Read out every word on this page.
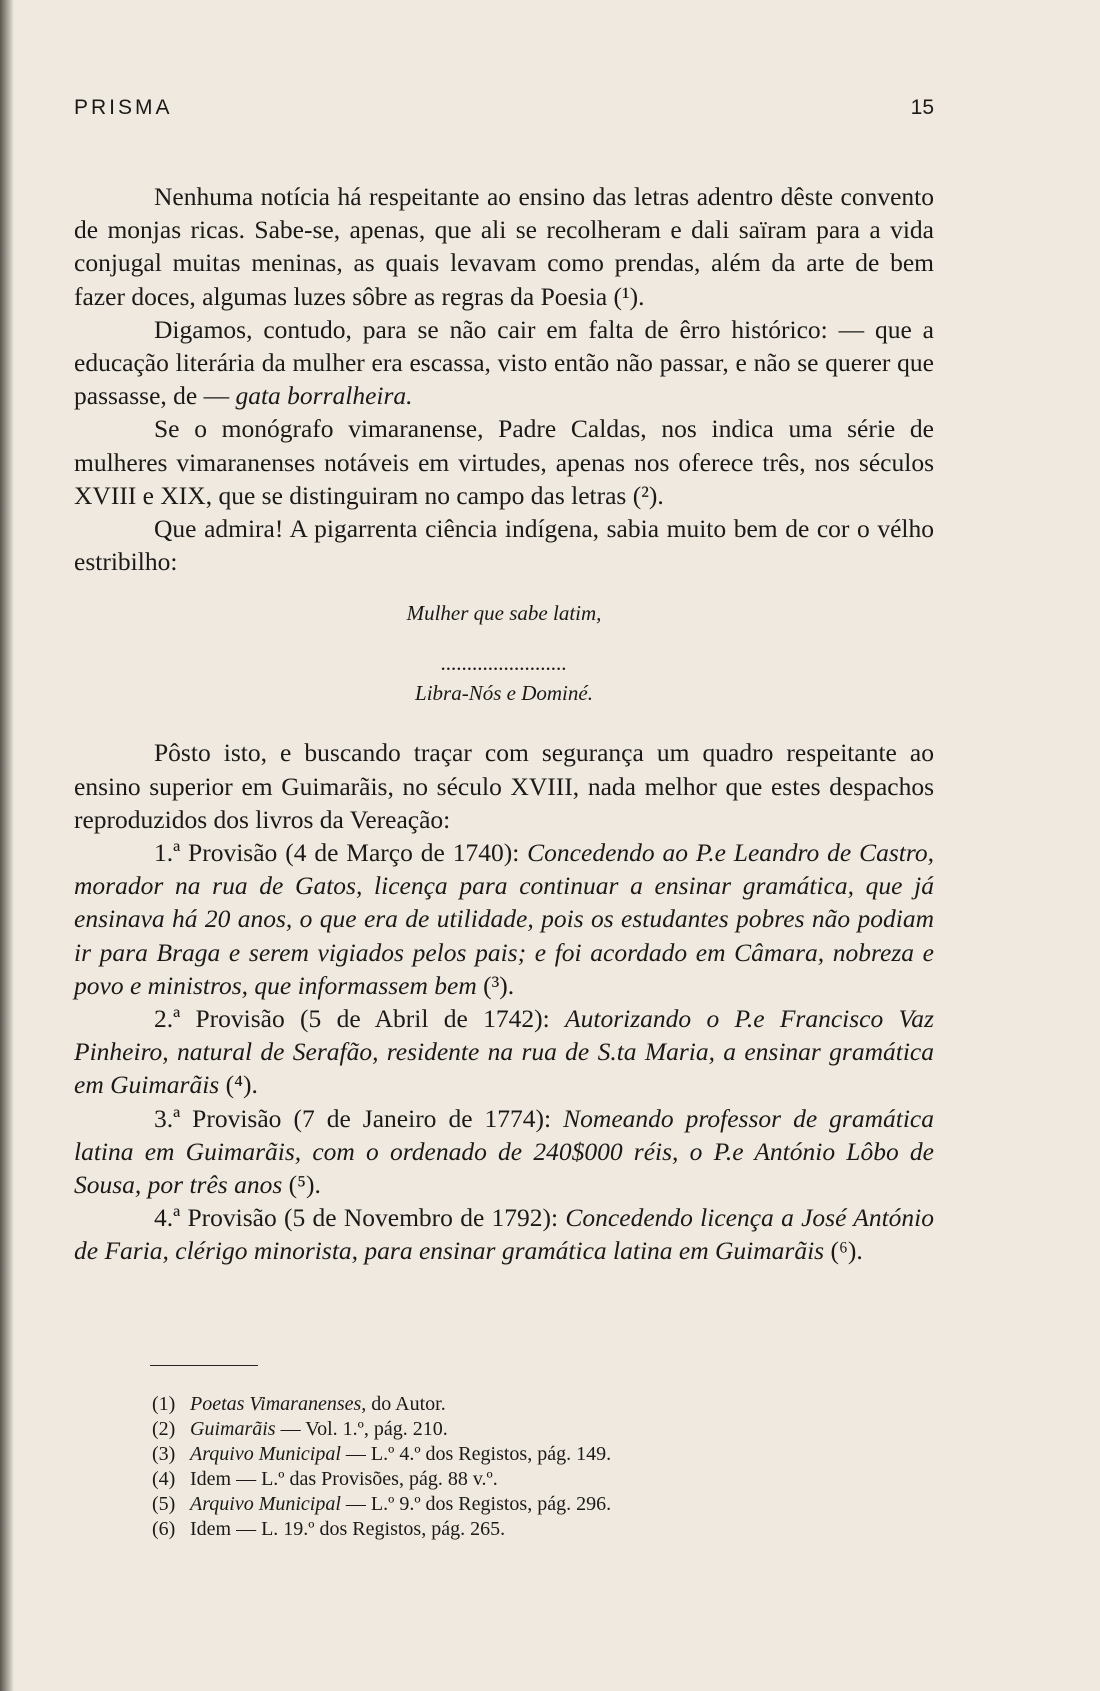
PRISMA	15

Nenhuma notícia há respeitante ao ensino das letras adentro dêste convento de monjas ricas. Sabe-se, apenas, que ali se recolheram e dali saïram para a vida conjugal muitas meninas, as quais levavam como prendas, além da arte de bem fazer doces, algumas luzes sôbre as regras da Poesia (¹).

Digamos, contudo, para se não cair em falta de êrro histórico: — que a educação literária da mulher era escassa, visto então não passar, e não se querer que passasse, de — gata borralheira.

Se o monógrafo vimaranense, Padre Caldas, nos indica uma série de mulheres vimaranenses notáveis em virtudes, apenas nos oferece três, nos séculos XVIII e XIX, que se distinguiram no campo das letras (²).

Que admira! A pigarrenta ciência indígena, sabia muito bem de cor o vélho estribilho:

Mulher que sabe latim,
........................
Libra-Nós e Dominé.

Pôsto isto, e buscando traçar com segurança um quadro respeitante ao ensino superior em Guimarãis, no século XVIII, nada melhor que estes despachos reproduzidos dos livros da Vereação:

1.ª Provisão (4 de Março de 1740): Concedendo ao P.e Leandro de Castro, morador na rua de Gatos, licença para continuar a ensinar gramática, que já ensinava há 20 anos, o que era de utilidade, pois os estudantes pobres não podiam ir para Braga e serem vigiados pelos pais; e foi acordado em Câmara, nobreza e povo e ministros, que informassem bem (³).

2.ª Provisão (5 de Abril de 1742): Autorizando o P.e Francisco Vaz Pinheiro, natural de Serafão, residente na rua de S.ta Maria, a ensinar gramática em Guimarãis (⁴).

3.ª Provisão (7 de Janeiro de 1774): Nomeando professor de gramática latina em Guimarãis, com o ordenado de 240$000 réis, o P.e António Lôbo de Sousa, por três anos (⁵).

4.ª Provisão (5 de Novembro de 1792): Concedendo licença a José António de Faria, clérigo minorista, para ensinar gramática latina em Guimarãis (⁶).

(1) Poetas Vimaranenses, do Autor.
(2) Guimarãis — Vol. 1.º, pág. 210.
(3) Arquivo Municipal — L.º 4.º dos Registos, pág. 149.
(4) Idem — L.º das Provisões, pág. 88 v.º.
(5) Arquivo Municipal — L.º 9.º dos Registos, pág. 296.
(6) Idem — L. 19.º dos Registos, pág. 265.
